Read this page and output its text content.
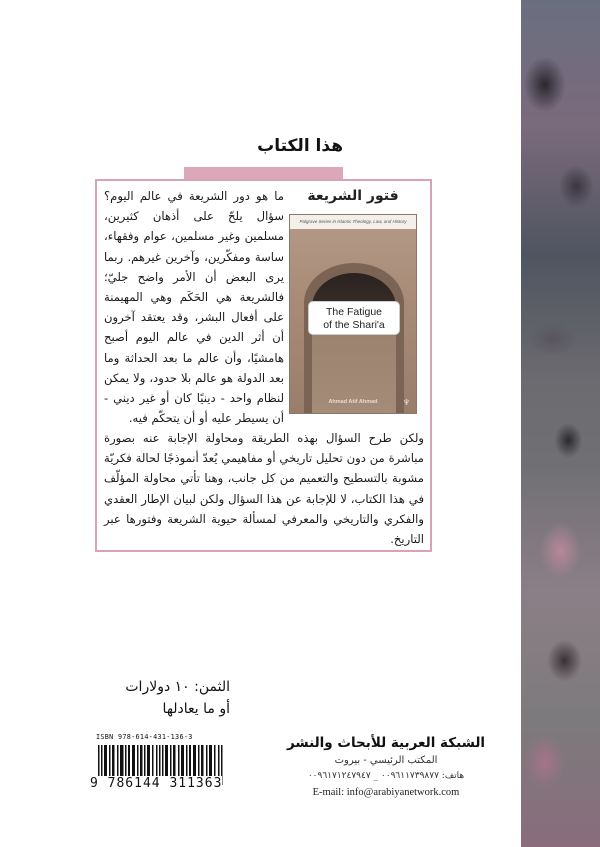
هذا الكتاب
فتور الشريعة
Palgrave Series in Islamic Theology, Law, and History
The Fatigue
of the Shari'a
Ahmad Atif Ahmad	♆
ما هو دور الشريعة في عالم اليوم؟ سؤال يلحّ على أذهان كثيرين، مسلمين وغير مسلمين، عوام وفقهاء، ساسة ومفكّرين، وآخرين غيرهم. ربما يرى البعض أن الأمر واضح جليّ؛ فالشريعة هي الحَكَم وهي المهيمنة على أفعال البشر، وقد يعتقد آخرون أن أثر الدين في عالم اليوم أصبح هامشيًا، وأن عالم ما بعد الحداثة وما بعد الدولة هو عالم بلا حدود، ولا يمكن لنظام واحد - دينيًا كان أو غير ديني - أن يسيطر عليه أو أن يتحكّم فيه.
ولكن طرح السؤال بهذه الطريقة ومحاولة الإجابة عنه بصورة مباشرة من دون تحليل تاريخي أو مفاهيمي يُعدّ أنموذجًا لحالة فكريّة مشوبة بالتسطيح والتعميم من كل جانب، وهنا تأتي محاولة المؤلّف في هذا الكتاب، لا للإجابة عن هذا السؤال ولكن لبيان الإطار العقدي والفكري والتاريخي والمعرفي لمسألة حيوية الشريعة وفتورها عبر التاريخ.
الثمن: ١٠ دولارات
أو ما يعادلها
ISBN 978-614-431-136-3
9 786144 311363
الشبكة العربية للأبحاث والنشر
المكتب الرئيسي - بيروت
هاتف: ٠٠٩٦١١٧٣٩٨٧٧ _ ٠٠٩٦١٧١٢٤٧٩٤٧
E-mail: info@arabiyanetwork.com
